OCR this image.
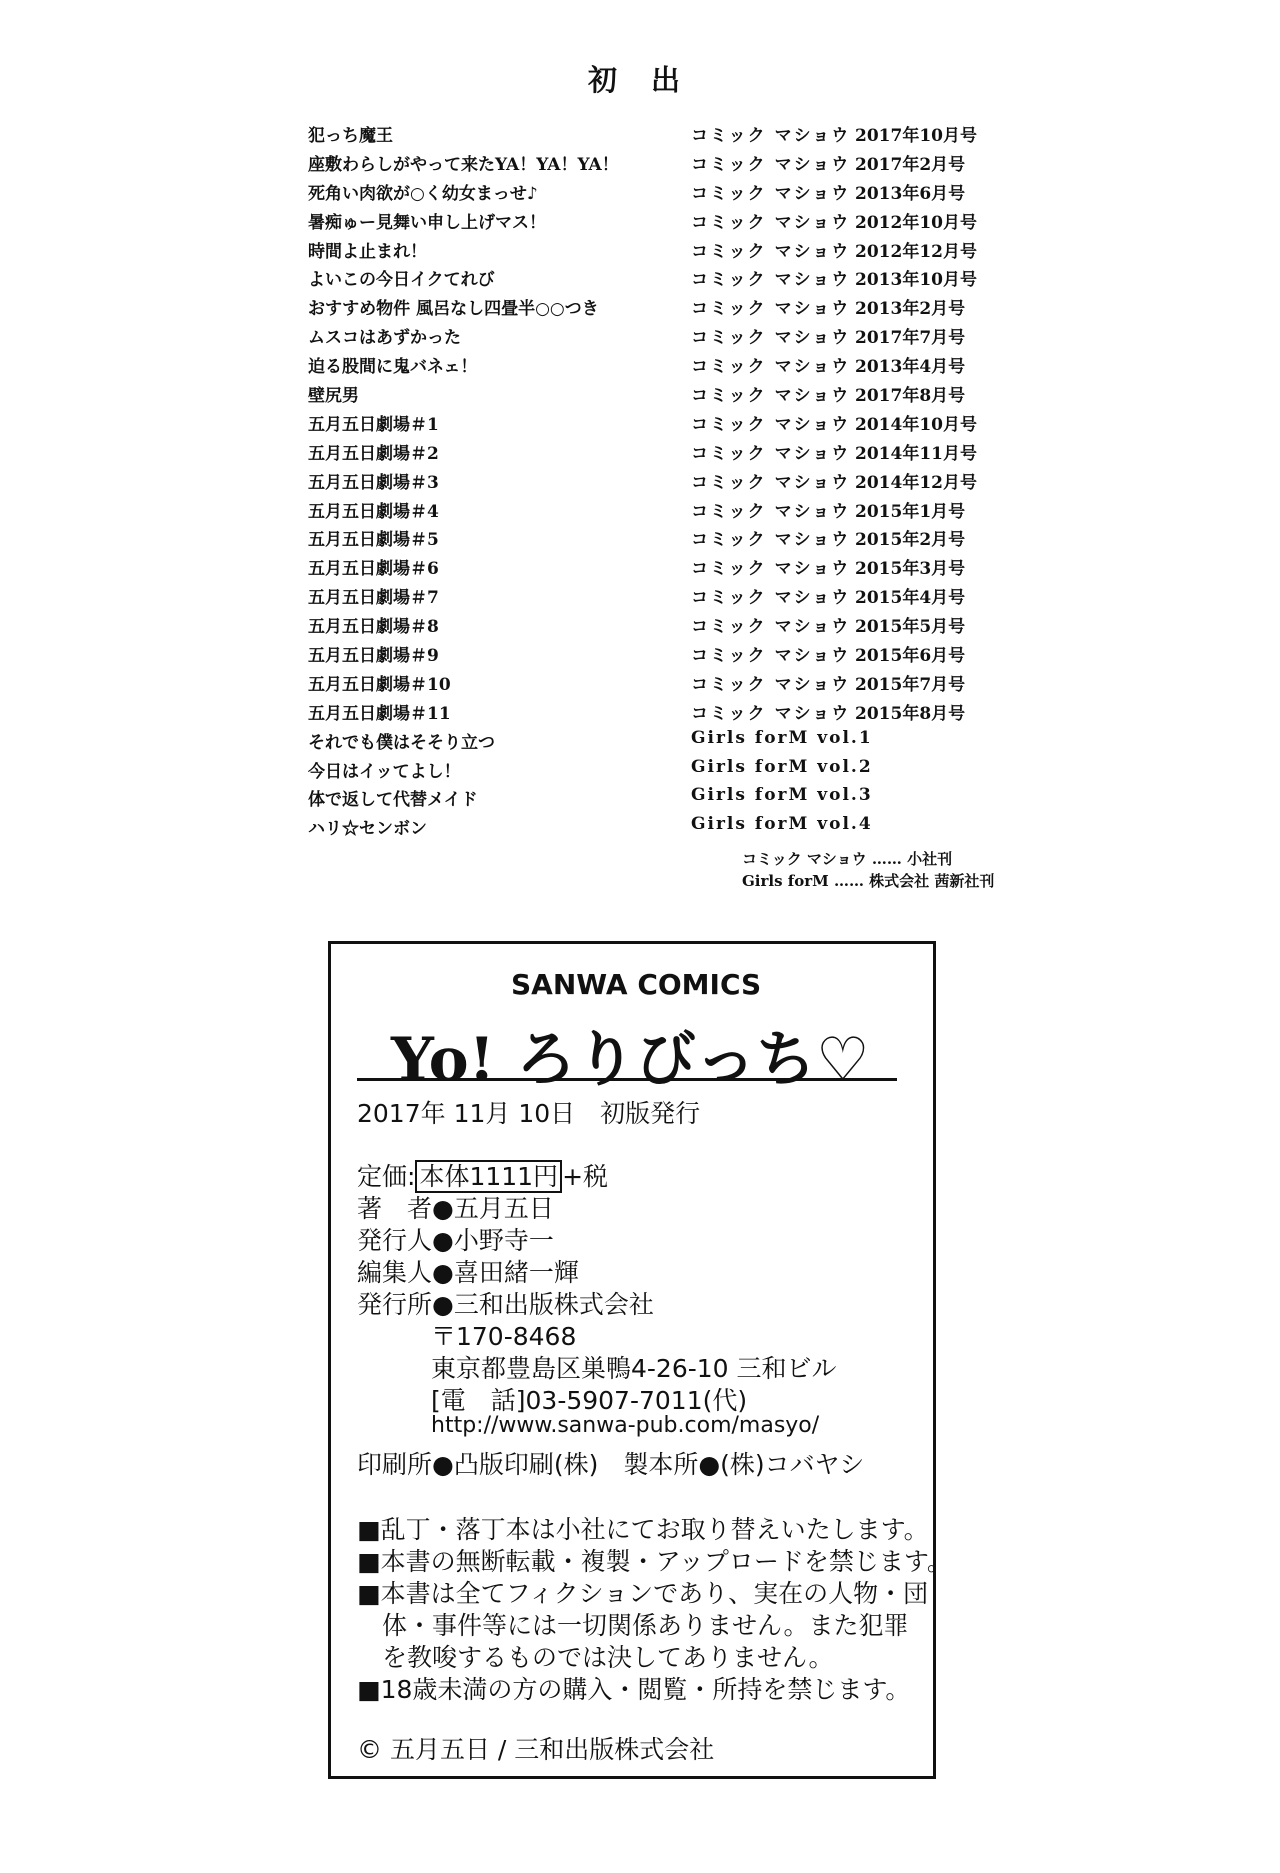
初 出
犯っち魔王	コミック マショウ 2017年10月号
座敷わらしがやって来たYA！YA！YA！	コミック マショウ 2017年2月号
死角い肉欲が○く幼女まっせ♪	コミック マショウ 2013年6月号
暑痴ゅー見舞い申し上げマス！	コミック マショウ 2012年10月号
時間よ止まれ！	コミック マショウ 2012年12月号
よいこの今日イクてれび	コミック マショウ 2013年10月号
おすすめ物件 風呂なし四畳半○○つき	コミック マショウ 2013年2月号
ムスコはあずかった	コミック マショウ 2017年7月号
迫る股間に鬼バネェ！	コミック マショウ 2013年4月号
壁尻男	コミック マショウ 2017年8月号
五月五日劇場＃1	コミック マショウ 2014年10月号
五月五日劇場＃2	コミック マショウ 2014年11月号
五月五日劇場＃3	コミック マショウ 2014年12月号
五月五日劇場＃4	コミック マショウ 2015年1月号
五月五日劇場＃5	コミック マショウ 2015年2月号
五月五日劇場＃6	コミック マショウ 2015年3月号
五月五日劇場＃7	コミック マショウ 2015年4月号
五月五日劇場＃8	コミック マショウ 2015年5月号
五月五日劇場＃9	コミック マショウ 2015年6月号
五月五日劇場＃10	コミック マショウ 2015年7月号
五月五日劇場＃11	コミック マショウ 2015年8月号
それでも僕はそそり立つ	Girls forM vol.1
今日はイッてよし！	Girls forM vol.2
体で返して代替メイド	Girls forM vol.3
ハリ☆センボン	Girls forM vol.4
コミック マショウ …… 小社刊
Girls forM …… 株式会社 茜新社刊
SANWA COMICS
Yo! ろりびっち♡
2017年 11月 10日　初版発行
定価: 本体1111円 +税
著　者●五月五日
発行人●小野寺一
編集人●喜田緒一輝
発行所●三和出版株式会社
〒170-8468
東京都豊島区巣鴨4-26-10 三和ビル
[電　話]03-5907-7011(代)
http://www.sanwa-pub.com/masyo/
印刷所●凸版印刷(株)　製本所●(株)コバヤシ
■乱丁・落丁本は小社にてお取り替えいたします。
■本書の無断転載・複製・アップロードを禁じます。
■本書は全てフィクションであり、実在の人物・団
　体・事件等には一切関係ありません。また犯罪
　を教唆するものでは決してありません。
■18歳未満の方の購入・閲覧・所持を禁じます。
© 五月五日 / 三和出版株式会社
